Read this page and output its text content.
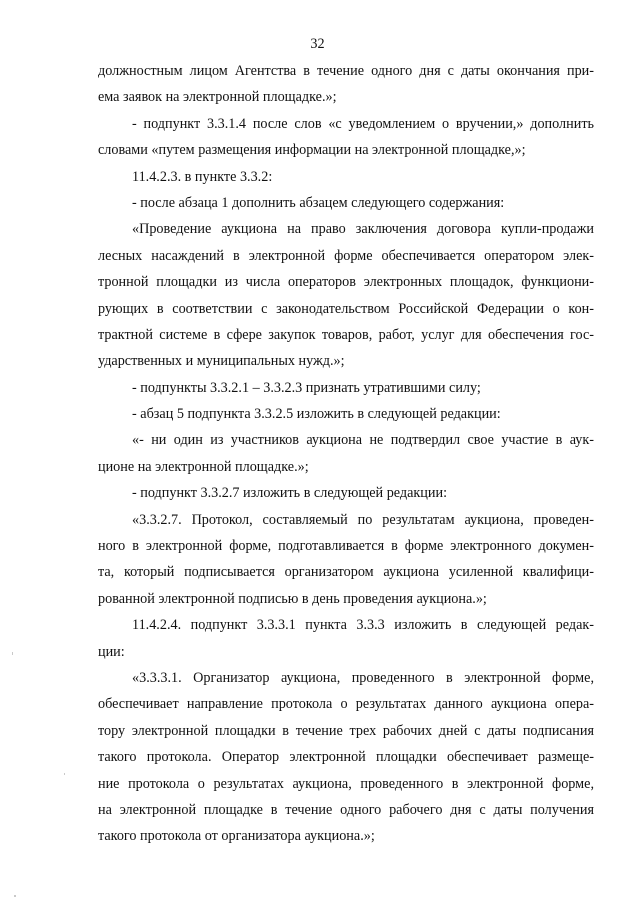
32
должностным лицом Агентства в течение одного дня с даты окончания при-
ема заявок на электронной площадке.»;
- подпункт 3.3.1.4 после слов «с уведомлением о вручении,» дополнить
словами «путем размещения информации на электронной площадке,»;
11.4.2.3. в пункте 3.3.2:
- после абзаца 1 дополнить абзацем следующего содержания:
«Проведение аукциона на право заключения договора купли-продажи
лесных насаждений в электронной форме обеспечивается оператором элек-
тронной площадки из числа операторов электронных площадок, функциони-
рующих в соответствии с законодательством Российской Федерации о кон-
трактной системе в сфере закупок товаров, работ, услуг для обеспечения гос-
ударственных и муниципальных нужд.»;
- подпункты 3.3.2.1 – 3.3.2.3 признать утратившими силу;
- абзац 5 подпункта 3.3.2.5 изложить в следующей редакции:
«- ни один из участников аукциона не подтвердил свое участие в аук-
ционе на электронной площадке.»;
- подпункт 3.3.2.7 изложить в следующей редакции:
«3.3.2.7. Протокол, составляемый по результатам аукциона, проведен-
ного в электронной форме, подготавливается в форме электронного докумен-
та, который подписывается организатором аукциона усиленной квалифици-
рованной электронной подписью в день проведения аукциона.»;
11.4.2.4. подпункт 3.3.3.1 пункта 3.3.3 изложить в следующей редак-
ции:
«3.3.3.1. Организатор аукциона, проведенного в электронной форме,
обеспечивает направление протокола о результатах данного аукциона опера-
тору электронной площадки в течение трех рабочих дней с даты подписания
такого протокола. Оператор электронной площадки обеспечивает размеще-
ние протокола о результатах аукциона, проведенного в электронной форме,
на электронной площадке в течение одного рабочего дня с даты получения
такого протокола от организатора аукциона.»;
